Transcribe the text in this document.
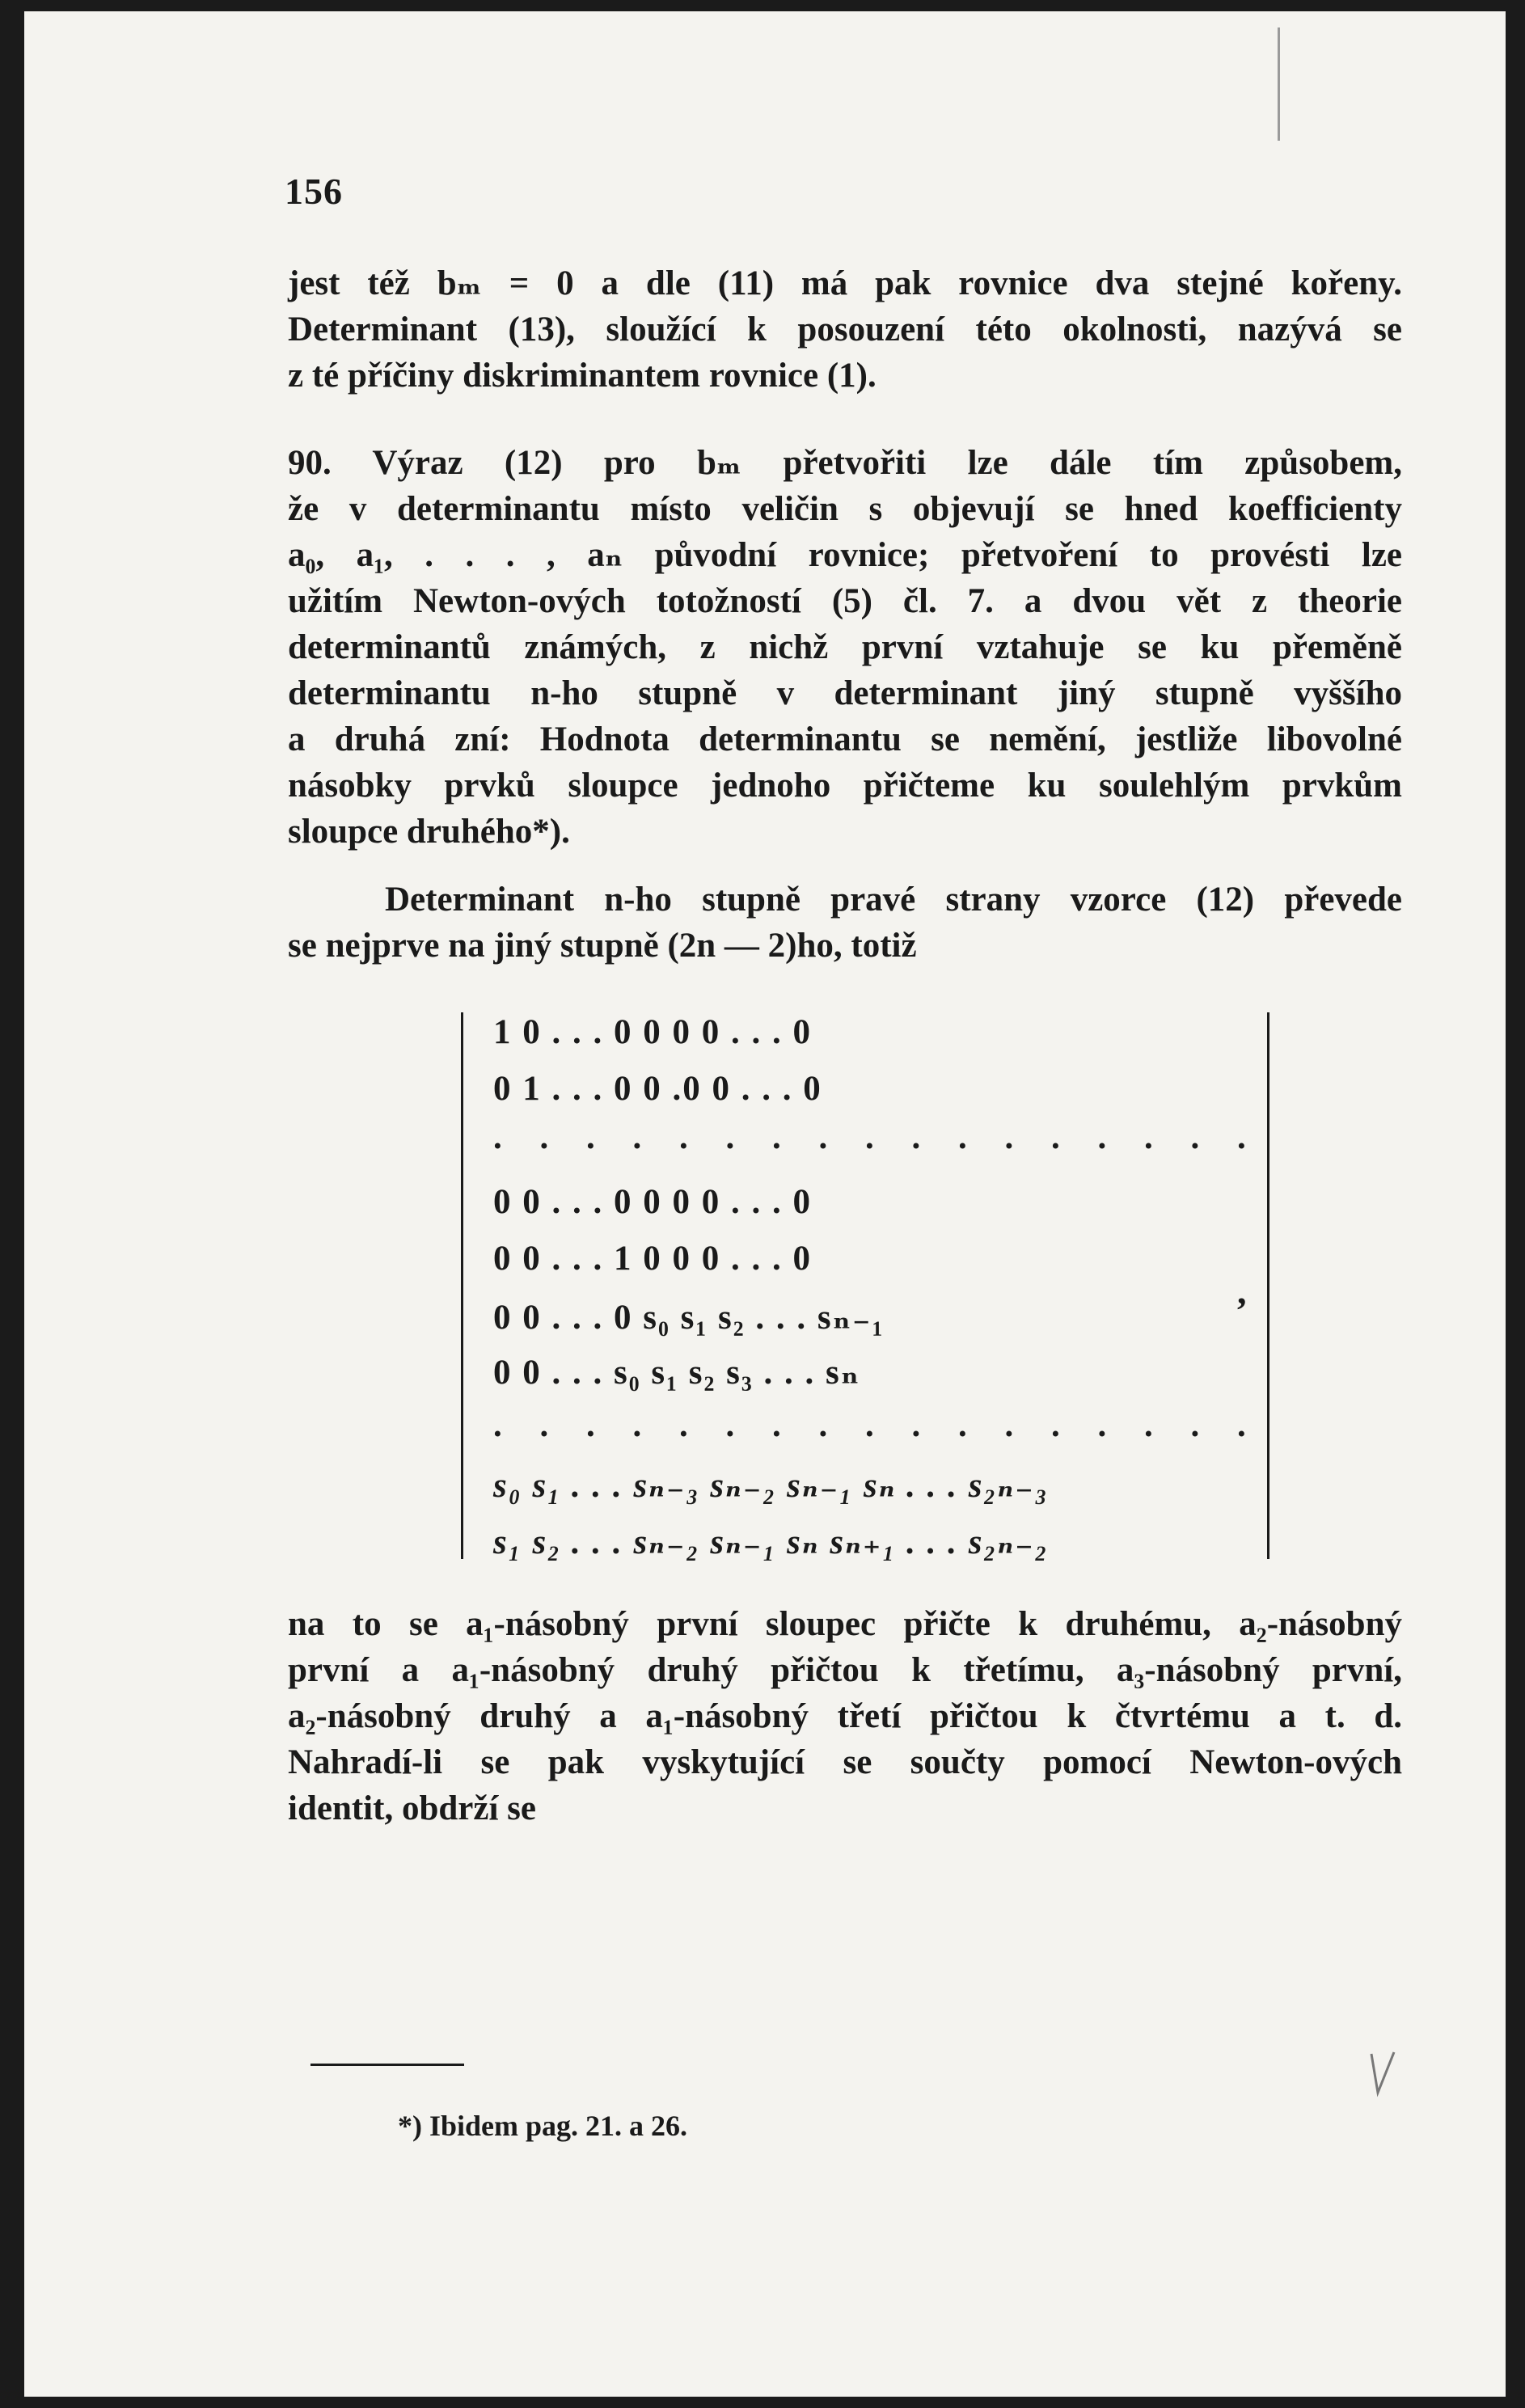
156
jest též bₘ = 0 a dle (11) má pak rovnice dva stejné kořeny.
Determinant (13), sloužící k posouzení této okolnosti, nazývá se
z té příčiny diskriminantem rovnice (1).
90. Výraz (12) pro bₘ přetvořiti lze dále tím způsobem,
že v determinantu místo veličin s objevují se hned koefficienty
a₀, a₁, . . . , aₙ původní rovnice; přetvoření to provésti lze
užitím Newton-ových totožností (5) čl. 7. a dvou vět z theorie
determinantů známých, z nichž první vztahuje se ku přeměně
determinantu n-ho stupně v determinant jiný stupně vyššího
a druhá zní: Hodnota determinantu se nemění, jestliže libovolné
násobky prvků sloupce jednoho přičteme ku soulehlým prvkům
sloupce druhého*).
Determinant n-ho stupně pravé strany vzorce (12) převede
se nejprve na jiný stupně (2n — 2)ho, totiž
1 0 . . . 0 0 0 0 . . . 0
0 1 . . . 0 0 .0 0 . . . 0
. . . . . . . . . . . . . . . . .
0 0 . . . 0 0 0 0 . . . 0
0 0 . . . 1 0 0 0 . . . 0
0 0 . . . 0 s₀ s₁ s₂ . . . sₙ₋₁
0 0 . . . s₀ s₁ s₂ s₃ . . . sₙ
. . . . . . . . . . . . . . . . .
s₀ s₁ . . . sₙ₋₃ sₙ₋₂ sₙ₋₁ sₙ . . . s₂ₙ₋₃
s₁ s₂ . . . sₙ₋₂ sₙ₋₁ sₙ sₙ₊₁ . . . s₂ₙ₋₂
,
na to se a₁-násobný první sloupec přičte k druhému, a₂-násobný
první a a₁-násobný druhý přičtou k třetímu, a₃-násobný první,
a₂-násobný druhý a a₁-násobný třetí přičtou k čtvrtému a t. d.
Nahradí-li se pak vyskytující se součty pomocí Newton-ových
identit, obdrží se
*) Ibidem pag. 21. a 26.
